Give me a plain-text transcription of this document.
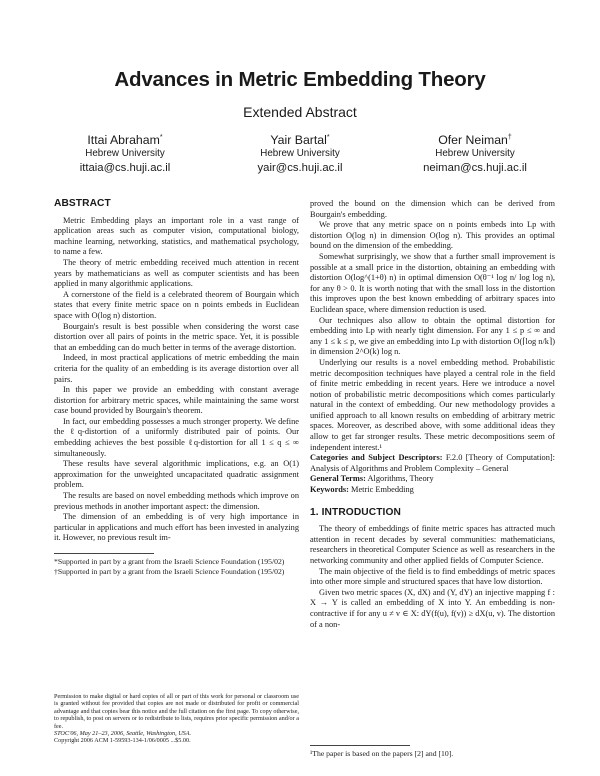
Advances in Metric Embedding Theory
Extended Abstract
Ittai Abraham*
Hebrew University
ittaia@cs.huji.ac.il
Yair Bartal*
Hebrew University
yair@cs.huji.ac.il
Ofer Neiman†
Hebrew University
neiman@cs.huji.ac.il
ABSTRACT

Metric Embedding plays an important role in a vast range of application areas such as computer vision, computational biology, machine learning, networking, statistics, and mathematical psychology, to name a few.

The theory of metric embedding received much attention in recent years by mathematicians as well as computer scientists and has been applied in many algorithmic applications.

A cornerstone of the field is a celebrated theorem of Bourgain which states that every finite metric space on n points embeds in Euclidean space with O(log n) distortion.

Bourgain's result is best possible when considering the worst case distortion over all pairs of points in the metric space. Yet, it is possible that an embedding can do much better in terms of the average distortion.

Indeed, in most practical applications of metric embedding the main criteria for the quality of an embedding is its average distortion over all pairs.

In this paper we provide an embedding with constant average distortion for arbitrary metric spaces, while maintaining the same worst case bound provided by Bourgain's theorem.

In fact, our embedding possesses a much stronger property. We define the ℓq-distortion of a uniformly distributed pair of points. Our embedding achieves the best possible ℓq-distortion for all 1 ≤ q ≤ ∞ simultaneously.

These results have several algorithmic implications, e.g. an O(1) approximation for the unweighted uncapacitated quadratic assignment problem.

The results are based on novel embedding methods which improve on previous methods in another important aspect: the dimension.

The dimension of an embedding is of very high importance in particular in applications and much effort has been invested in analyzing it. However, no previous result im-

*Supported in part by a grant from the Israeli Science Foundation (195/02)

†Supported in part by a grant from the Israeli Science Foundation (195/02)

Permission to make digital or hard copies of all or part of this work for personal or classroom use is granted without fee provided that copies are not made or distributed for profit or commercial advantage and that copies bear this notice and the full citation on the first page. To copy otherwise, to republish, to post on servers or to redistribute to lists, requires prior specific permission and/or a fee.
STOC'06, May 21–23, 2006, Seattle, Washington, USA.
Copyright 2006 ACM 1-59593-134-1/06/0005 ...$5.00.

proved the bound on the dimension which can be derived from Bourgain's embedding.

We prove that any metric space on n points embeds into Lp with distortion O(log n) in dimension O(log n). This provides an optimal bound on the dimension of the embedding.

Somewhat surprisingly, we show that a further small improvement is possible at a small price in the distortion, obtaining an embedding with distortion O(log^(1+θ) n) in optimal dimension O(θ⁻¹ log n/ log log n), for any θ > 0. It is worth noting that with the small loss in the distortion this improves upon the best known embedding of arbitrary spaces into Euclidean space, where dimension reduction is used.

Our techniques also allow to obtain the optimal distortion for embedding into Lp with nearly tight dimension. For any 1 ≤ p ≤ ∞ and any 1 ≤ k ≤ p, we give an embedding into Lp with distortion O(⌈log n/k⌉) in dimension 2^O(k) log n.

Underlying our results is a novel embedding method. Probabilistic metric decomposition techniques have played a central role in the field of finite metric embedding in recent years. Here we introduce a novel notion of probabilistic metric decompositions which comes particularly natural in the context of embedding. Our new methodology provides a unified approach to all known results on embedding of arbitrary metric spaces. Moreover, as described above, with some additional ideas they allow to get far stronger results. These metric decompositions seem of independent interest.¹

Categories and Subject Descriptors: F.2.0 [Theory of Computation]: Analysis of Algorithms and Problem Complexity – General

General Terms: Algorithms, Theory

Keywords: Metric Embedding

1. INTRODUCTION

The theory of embeddings of finite metric spaces has attracted much attention in recent decades by several communities: mathematicians, researchers in theoretical Computer Science as well as researchers in the networking community and other applied fields of Computer Science.

The main objective of the field is to find embeddings of metric spaces into other more simple and structured spaces that have low distortion.

Given two metric spaces (X, dX) and (Y, dY) an injective mapping f : X → Y is called an embedding of X into Y. An embedding is non-contractive if for any u ≠ v ∈ X: dY(f(u), f(v)) ≥ dX(u, v). The distortion of a non-

¹The paper is based on the papers [2] and [10].
